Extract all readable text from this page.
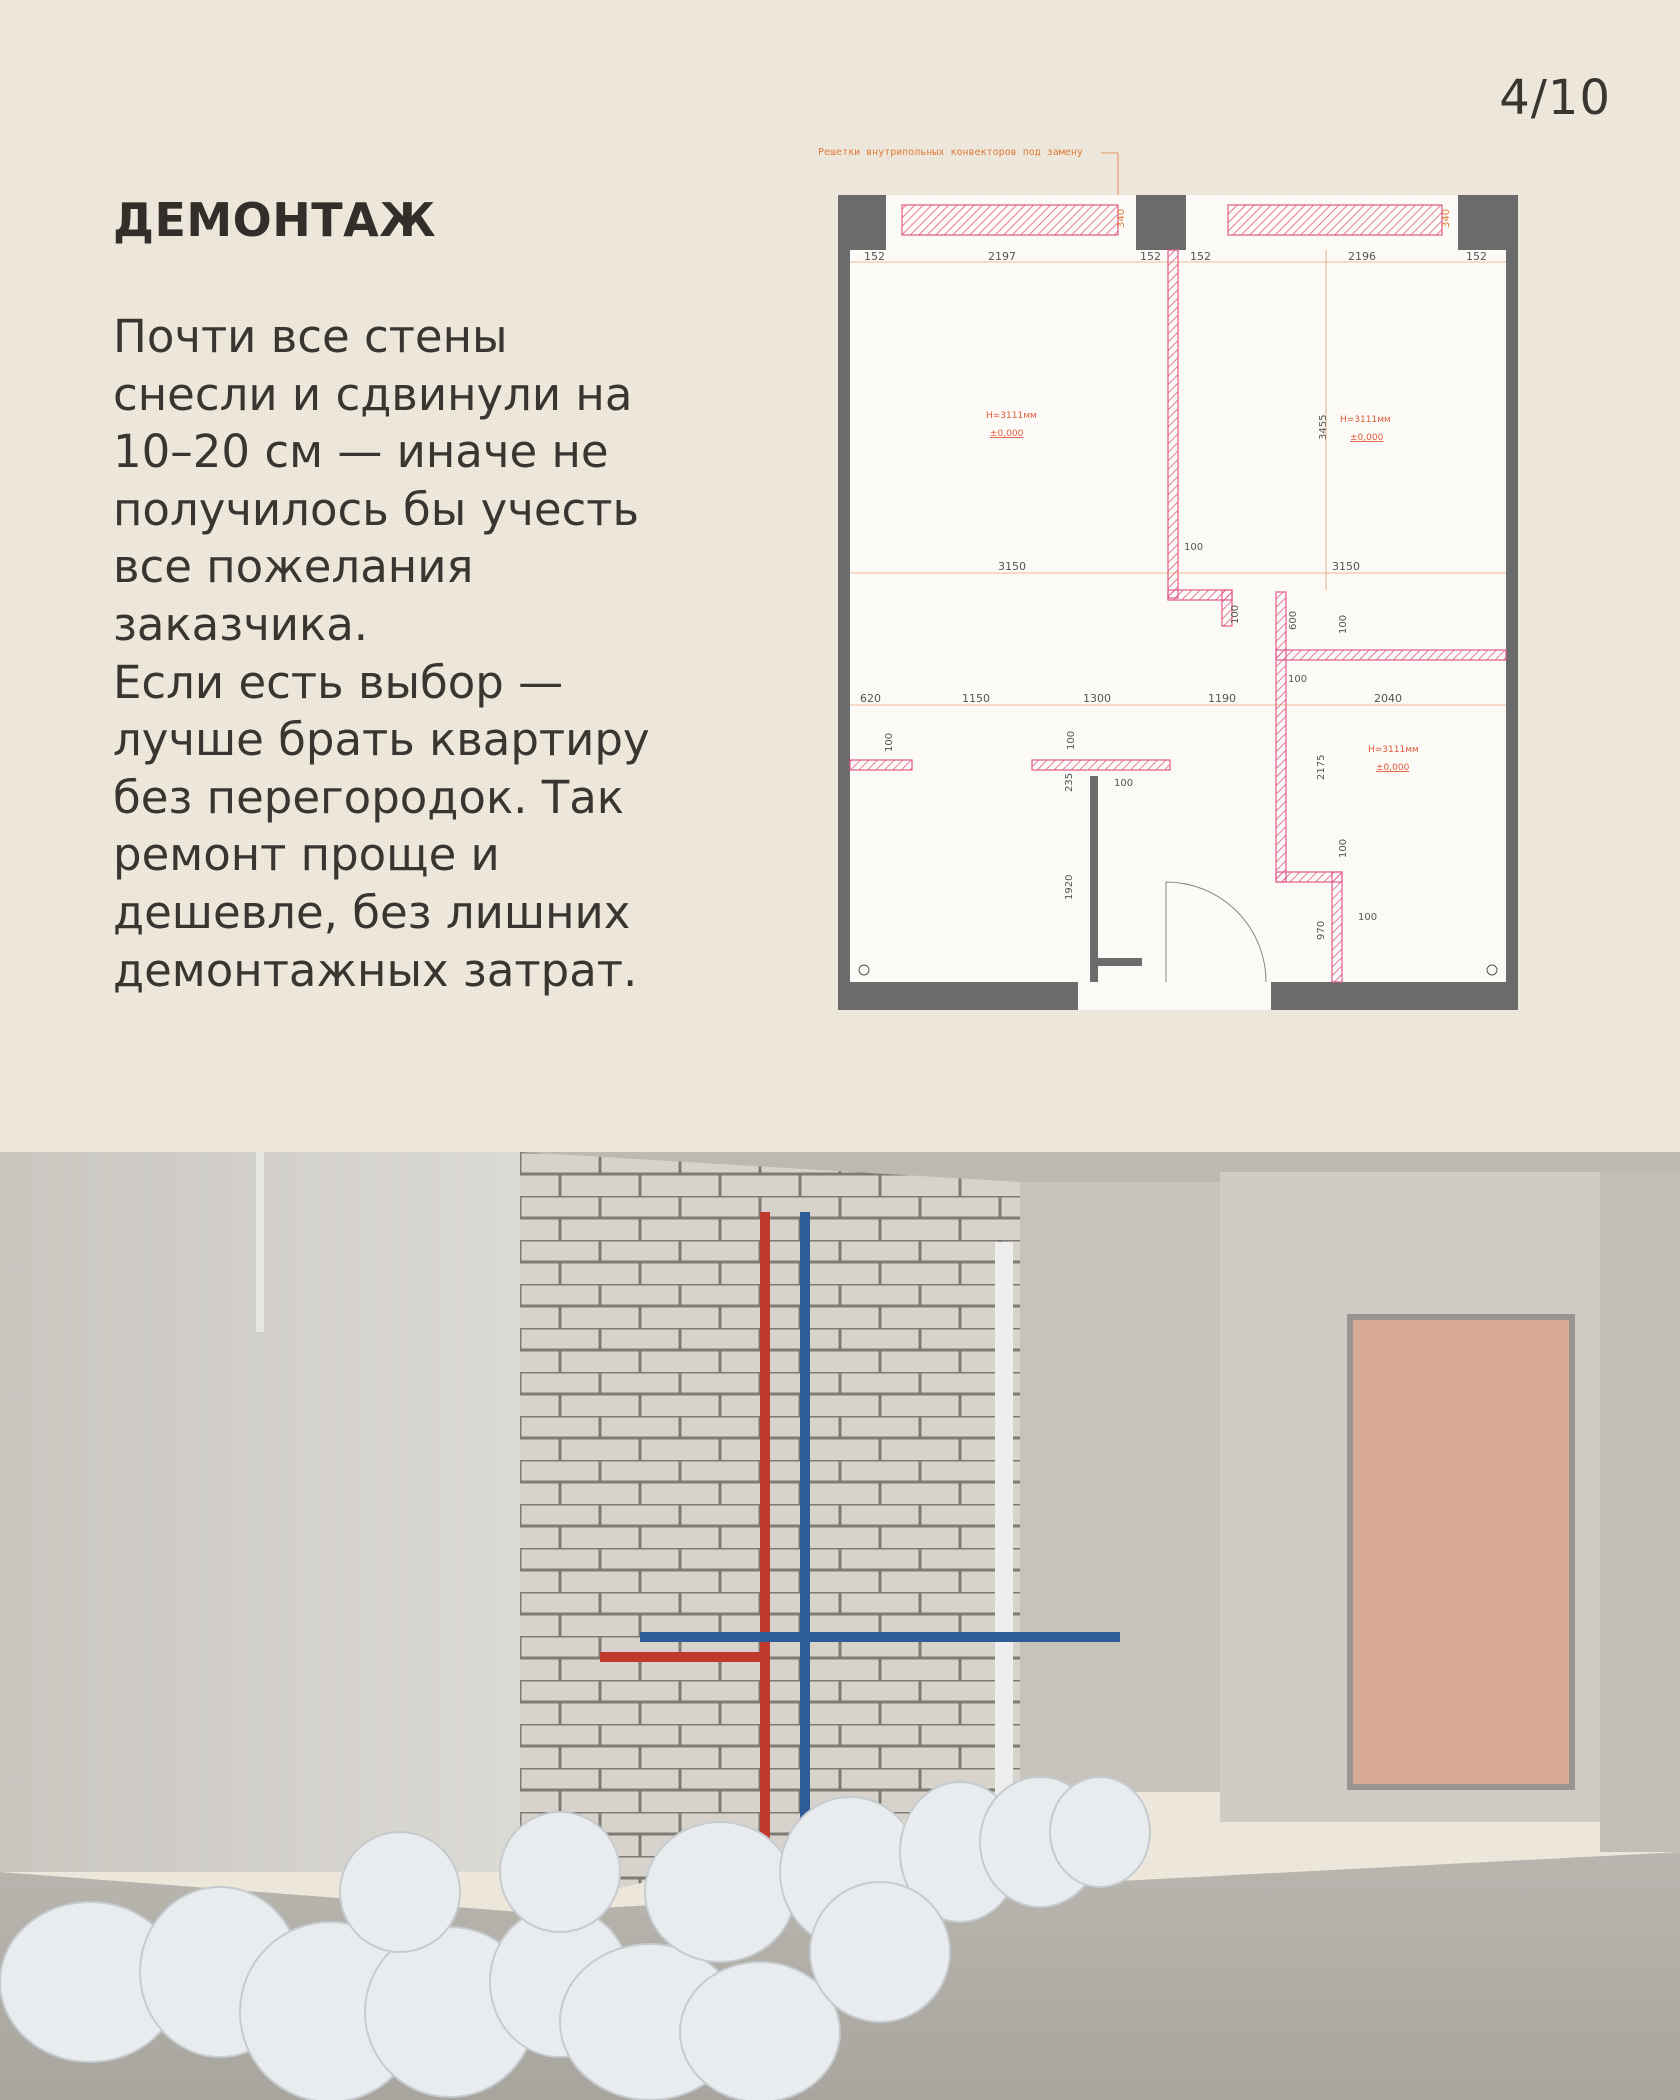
4/10
ДЕМОНТАЖ
Почти все стены
снесли и сдвинули на
10–20 см — иначе не
получилось бы учесть
все пожелания
заказчика.
Если есть выбор —
лучше брать квартиру
без перегородок. Так
ремонт проще и
дешевле, без лишних
демонтажных затрат.
Решетки внутрипольных конвекторов под замену
340	340
152	2197	152	152	2196	152
Н=3111мм
±0,000
Н=3111мм
±0,000
Н=3111мм
±0,000
3455
3150	3150
100
100	600	100
100
620	1150	1300	1190	2040
100	100
235	100
2175
1920
100
970
100
